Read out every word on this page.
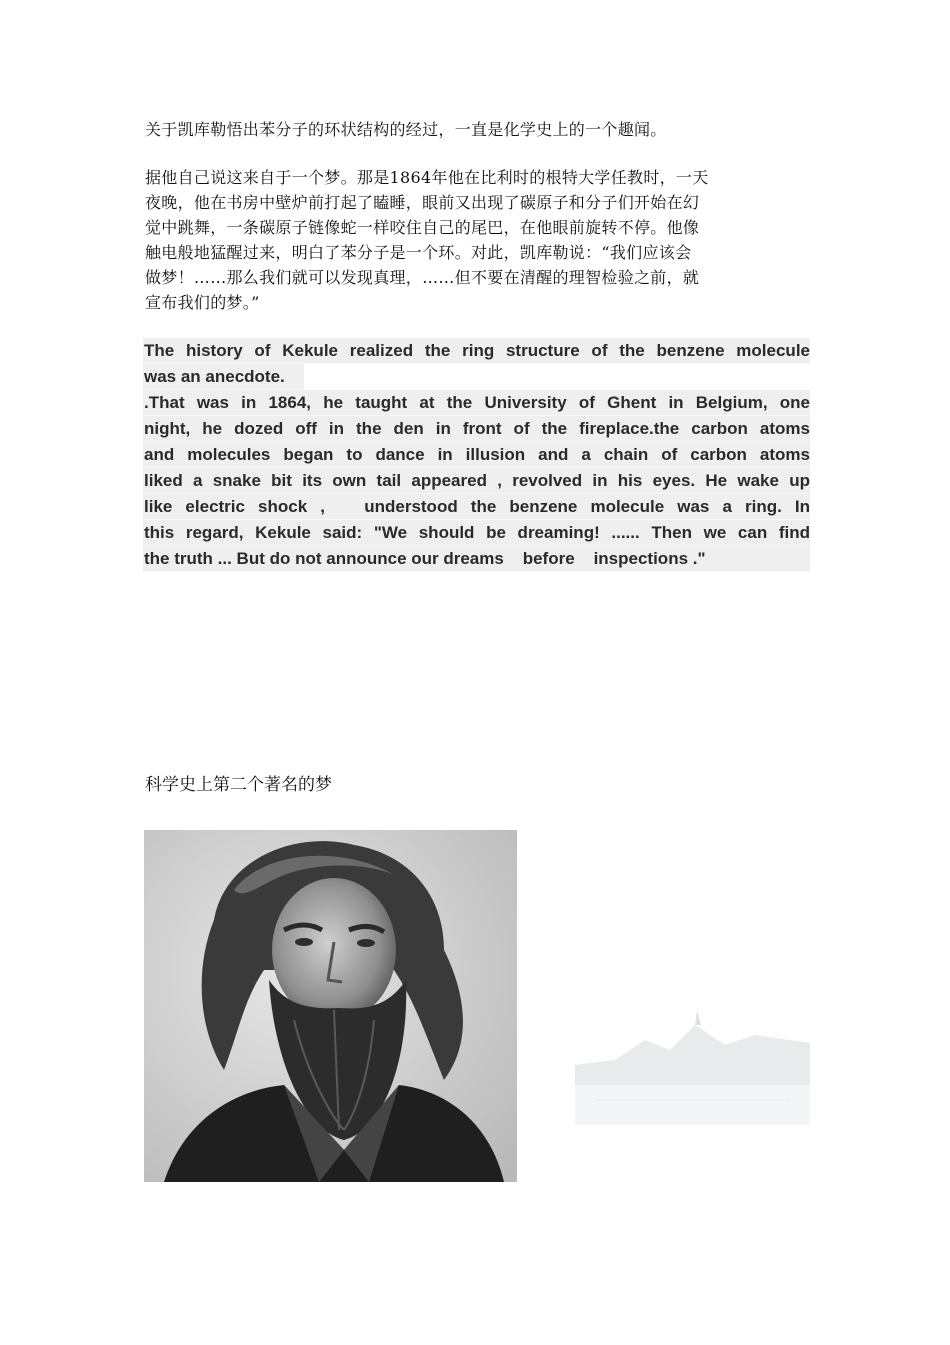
关于凯库勒悟出苯分子的环状结构的经过，一直是化学史上的一个趣闻。
据他自己说这来自于一个梦。那是1864年他在比利时的根特大学任教时，一天
夜晚，他在书房中壁炉前打起了瞌睡，眼前又出现了碳原子和分子们开始在幻
觉中跳舞，一条碳原子链像蛇一样咬住自己的尾巴，在他眼前旋转不停。他像
触电般地猛醒过来，明白了苯分子是一个环。对此，凯库勒说：“我们应该会
做梦！……那么我们就可以发现真理，……但不要在清醒的理智检验之前，就
宣布我们的梦。”
The history of Kekule realized the ring structure of the benzene molecule
was an anecdote.
.That was in 1864, he taught at the University of Ghent in Belgium, one
night, he dozed off in the den in front of the fireplace.the carbon atoms
and molecules began to dance in illusion and a chain of carbon atoms
liked a snake bit its own tail appeared , revolved in his eyes. He wake up
like electric shock ,   understood the benzene molecule was a ring. In
this regard, Kekule said: "We should be dreaming! ...... Then we can find
the truth ... But do not announce our dreams    before    inspections ."
科学史上第二个著名的梦
